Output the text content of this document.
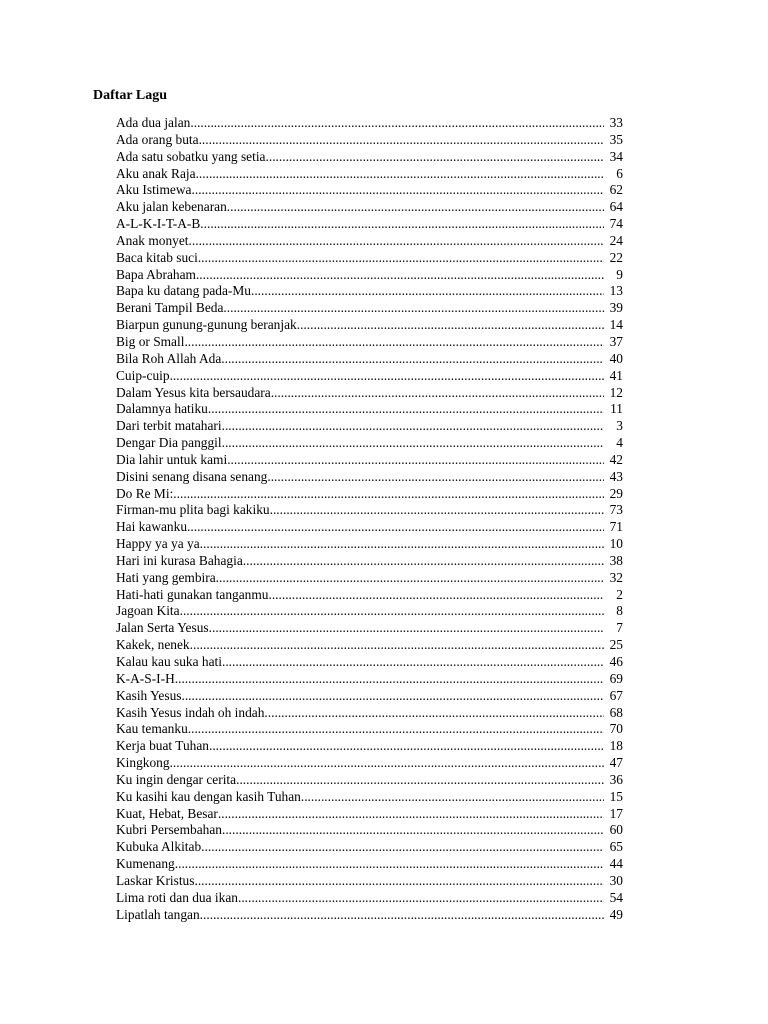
Daftar Lagu
Ada dua jalan .....	33
Ada orang buta .....	35
Ada satu sobatku yang setia .....	34
Aku anak Raja .....	6
Aku Istimewa .....	62
Aku jalan kebenaran .....	64
A-L-K-I-T-A-B .....	74
Anak monyet .....	24
Baca kitab suci .....	22
Bapa Abraham .....	9
Bapa ku datang pada-Mu .....	13
Berani Tampil Beda .....	39
Biarpun gunung-gunung beranjak .....	14
Big or Small .....	37
Bila Roh Allah Ada .....	40
Cuip-cuip .....	41
Dalam Yesus kita bersaudara .....	12
Dalamnya hatiku .....	11
Dari terbit matahari .....	3
Dengar Dia panggil .....	4
Dia lahir untuk kami .....	42
Disini senang disana senang .....	43
Do Re Mi: .....	29
Firman-mu plita bagi kakiku .....	73
Hai kawanku .....	71
Happy ya ya ya .....	10
Hari ini kurasa Bahagia .....	38
Hati yang gembira .....	32
Hati-hati gunakan tanganmu .....	2
Jagoan Kita .....	8
Jalan Serta Yesus .....	7
Kakek, nenek .....	25
Kalau kau suka hati .....	46
K-A-S-I-H .....	69
Kasih Yesus .....	67
Kasih Yesus indah oh indah .....	68
Kau temanku .....	70
Kerja buat Tuhan .....	18
Kingkong .....	47
Ku ingin dengar cerita .....	36
Ku kasihi kau dengan kasih Tuhan .....	15
Kuat, Hebat, Besar .....	17
Kubri Persembahan .....	60
Kubuka Alkitab .....	65
Kumenang .....	44
Laskar Kristus .....	30
Lima roti dan dua ikan .....	54
Lipatlah tangan .....	49
